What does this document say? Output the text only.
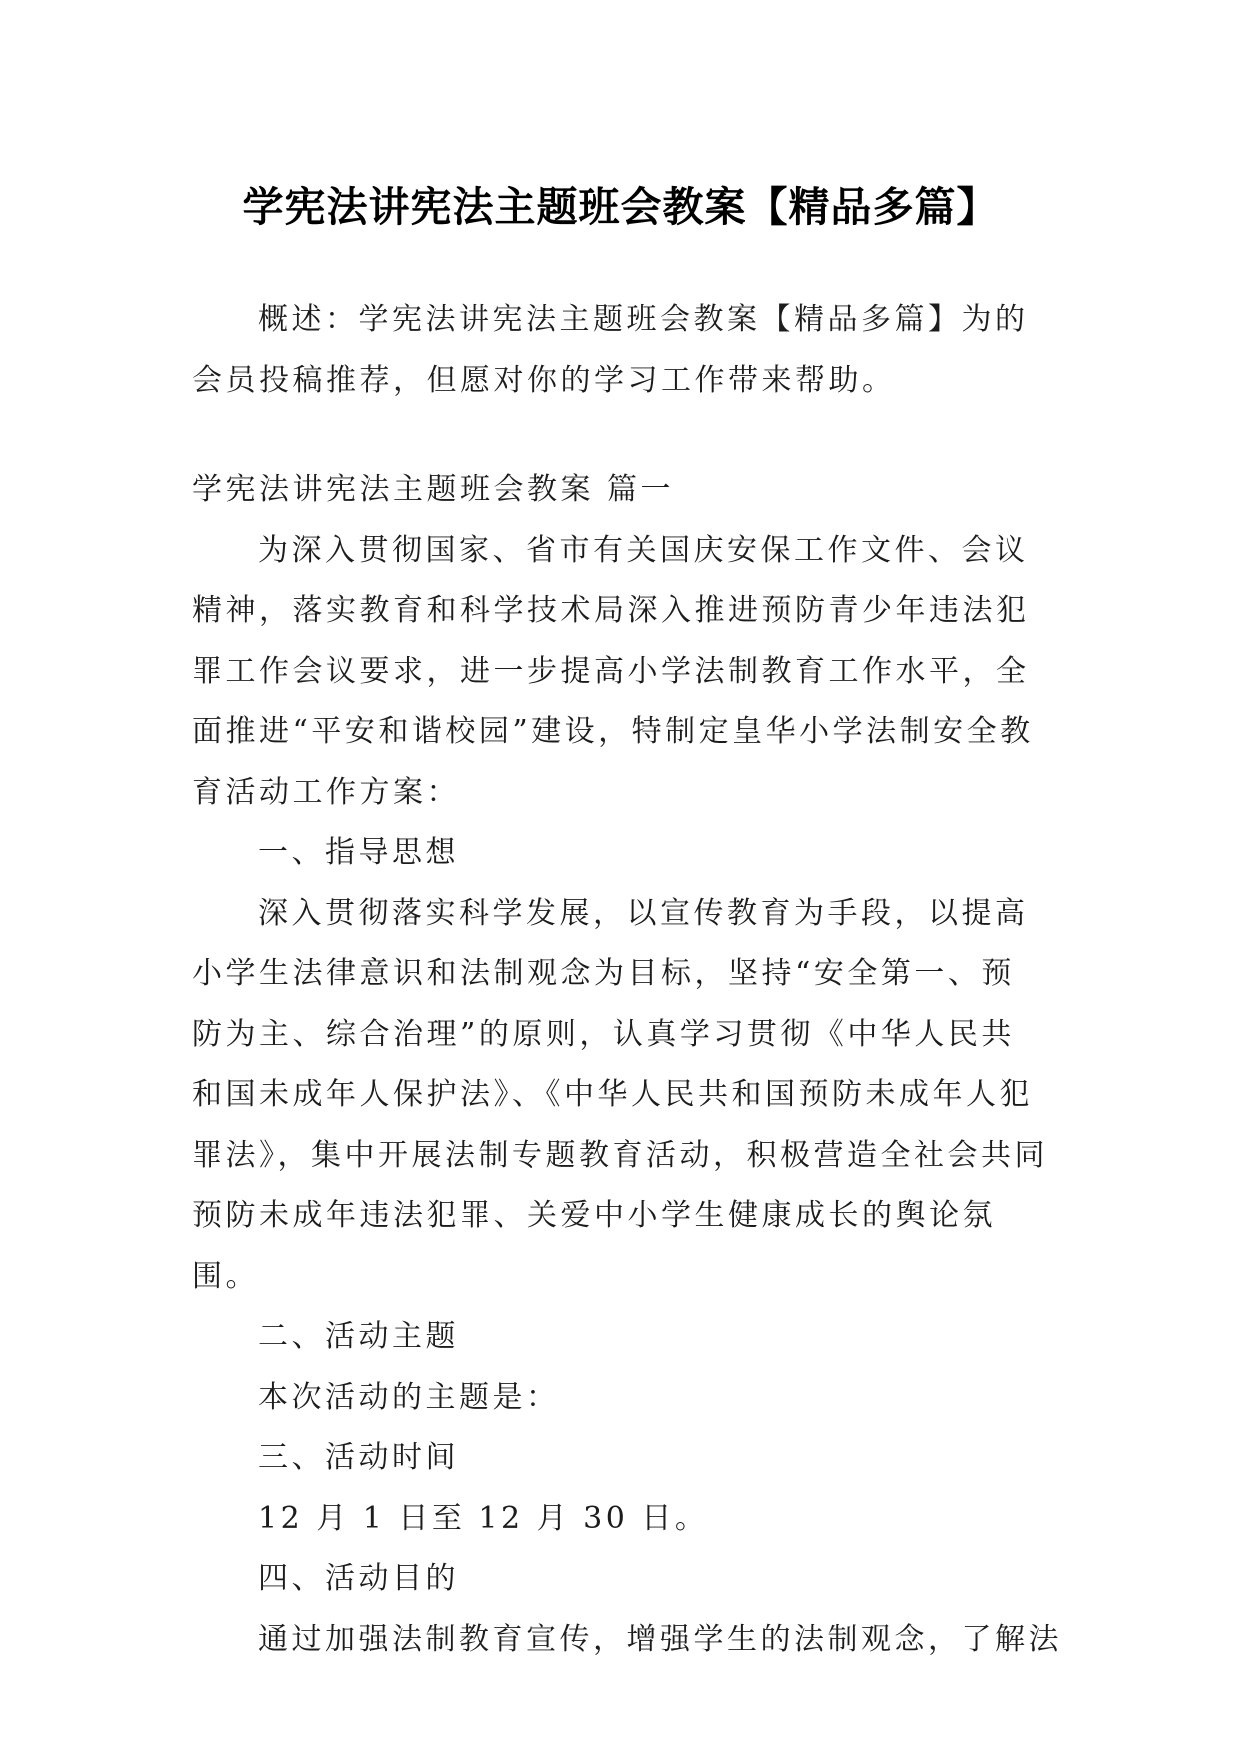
学宪法讲宪法主题班会教案【精品多篇】

概述：学宪法讲宪法主题班会教案【精品多篇】为的会员投稿推荐，但愿对你的学习工作带来帮助。

学宪法讲宪法主题班会教案 篇一

为深入贯彻国家、省市有关国庆安保工作文件、会议精神，落实教育和科学技术局深入推进预防青少年违法犯罪工作会议要求，进一步提高小学法制教育工作水平，全面推进“平安和谐校园”建设，特制定皇华小学法制安全教育活动工作方案：

一、指导思想

深入贯彻落实科学发展，以宣传教育为手段，以提高小学生法律意识和法制观念为目标，坚持“安全第一、预防为主、综合治理”的原则，认真学习贯彻《中华人民共和国未成年人保护法》、《中华人民共和国预防未成年人犯罪法》，集中开展法制专题教育活动，积极营造全社会共同预防未成年违法犯罪、关爱中小学生健康成长的舆论氛围。

二、活动主题

本次活动的主题是：

三、活动时间

12 月 1 日至 12 月 30 日。

四、活动目的

通过加强法制教育宣传，增强学生的法制观念，了解法
